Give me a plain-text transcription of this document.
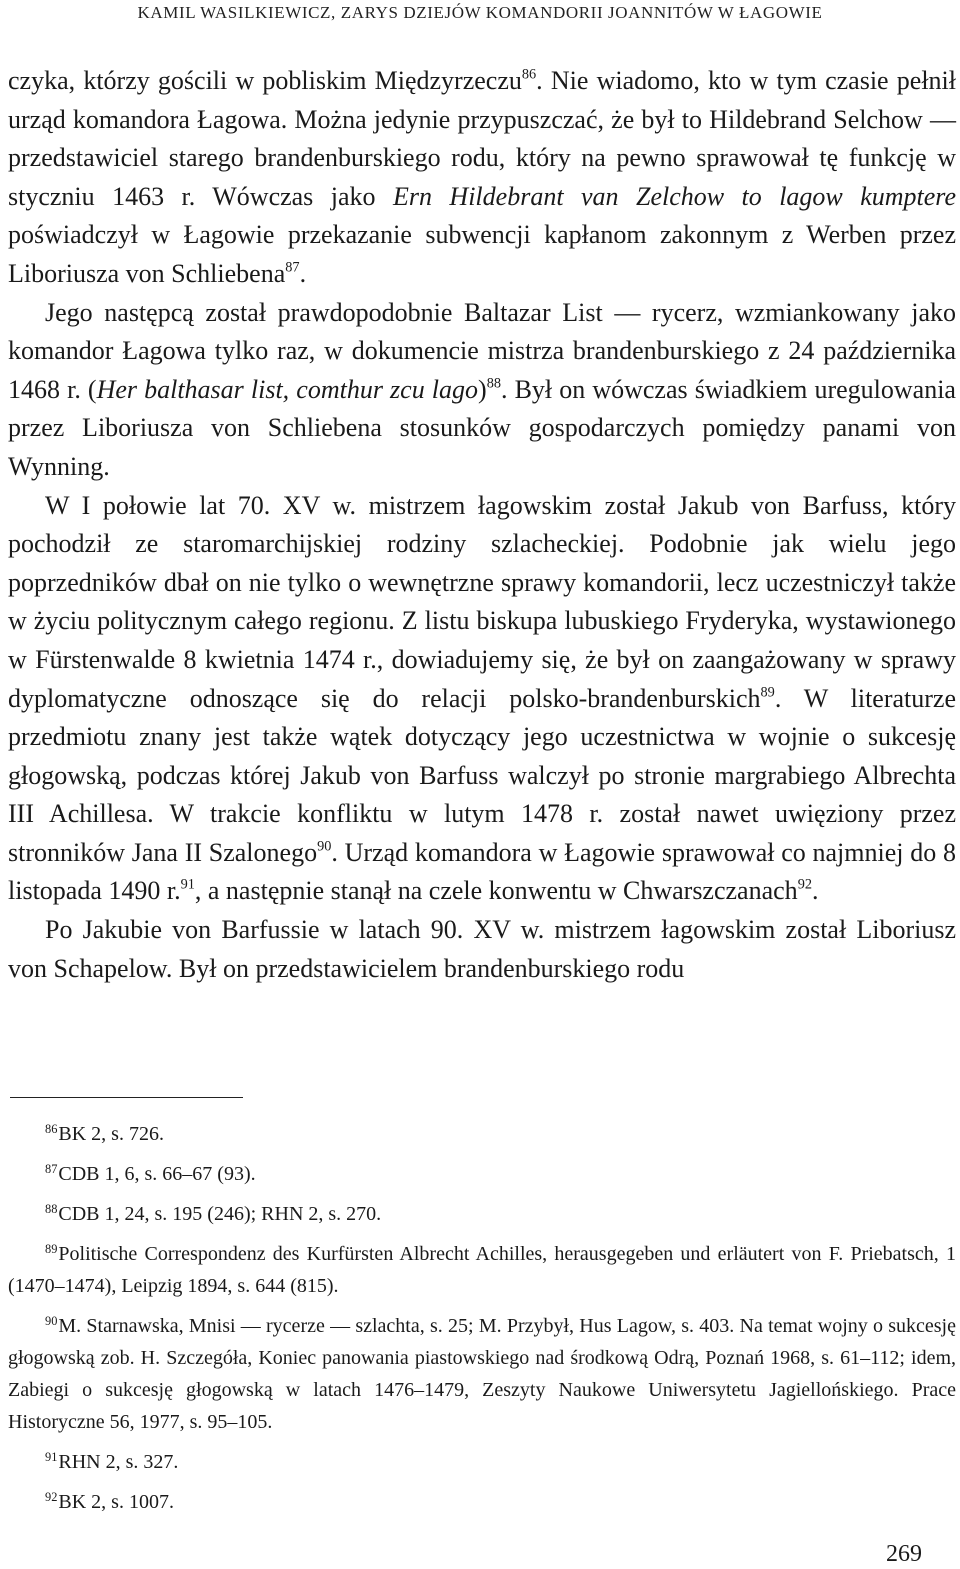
KAMIL WASILKIEWICZ, ZARYS DZIEJÓW KOMANDORII JOANNITÓW W ŁAGOWIE

czyka, którzy gościli w pobliskim Międzyrzeczu$^{86}$. Nie wiadomo, kto w tym czasie pełnił urząd komandora Łagowa. Można jedynie przypuszczać, że był to Hildebrand Selchow — przedstawiciel starego brandenburskiego rodu, który na pewno sprawował tę funkcję w styczniu 1463 r. Wówczas jako Ern Hildebrant van Zelchow to lagow kumptere poświadczył w Łagowie przekazanie subwencji kapłanom zakonnym z Werben przez Liboriusza von Schliebena$^{87}$.

Jego następcą został prawdopodobnie Baltazar List — rycerz, wzmiankowany jako komandor Łagowa tylko raz, w dokumencie mistrza brandenburskiego z 24 października 1468 r. (Her balthasar list, comthur zcu lago)$^{88}$. Był on wówczas świadkiem uregulowania przez Liboriusza von Schliebena stosunków gospodarczych pomiędzy panami von Wynning.

W I połowie lat 70. XV w. mistrzem łagowskim został Jakub von Barfuss, który pochodził ze staromarchijskiej rodziny szlacheckiej. Podobnie jak wielu jego poprzedników dbał on nie tylko o wewnętrzne sprawy komandorii, lecz uczestniczył także w życiu politycznym całego regionu. Z listu biskupa lubuskiego Fryderyka, wystawionego w Fürstenwalde 8 kwietnia 1474 r., dowiadujemy się, że był on zaangażowany w sprawy dyplomatyczne odnoszące się do relacji polsko-brandenburskich$^{89}$. W literaturze przedmiotu znany jest także wątek dotyczący jego uczestnictwa w wojnie o sukcesję głogowską, podczas której Jakub von Barfuss walczył po stronie margrabiego Albrechta III Achillesa. W trakcie konfliktu w lutym 1478 r. został nawet uwięziony przez stronników Jana II Szalonego$^{90}$. Urząd komandora w Łagowie sprawował co najmniej do 8 listopada 1490 r.$^{91}$, a następnie stanął na czele konwentu w Chwarszczanach$^{92}$.

Po Jakubie von Barfussie w latach 90. XV w. mistrzem łagowskim został Liboriusz von Schapelow. Był on przedstawicielem brandenburskiego rodu

$^{86}$BK 2, s. 726.

$^{87}$CDB 1, 6, s. 66–67 (93).

$^{88}$CDB 1, 24, s. 195 (246); RHN 2, s. 270.

$^{89}$Politische Correspondenz des Kurfürsten Albrecht Achilles, herausgegeben und erläutert von F. Priebatsch, 1 (1470–1474), Leipzig 1894, s. 644 (815).

$^{90}$M. Starnawska, Mnisi — rycerze — szlachta, s. 25; M. Przybył, Hus Lagow, s. 403. Na temat wojny o sukcesję głogowską zob. H. Szczegóła, Koniec panowania piastowskiego nad środkową Odrą, Poznań 1968, s. 61–112; idem, Zabiegi o sukcesję głogowską w latach 1476–1479, Zeszyty Naukowe Uniwersytetu Jagiellońskiego. Prace Historyczne 56, 1977, s. 95–105.

$^{91}$RHN 2, s. 327.

$^{92}$BK 2, s. 1007.

269
